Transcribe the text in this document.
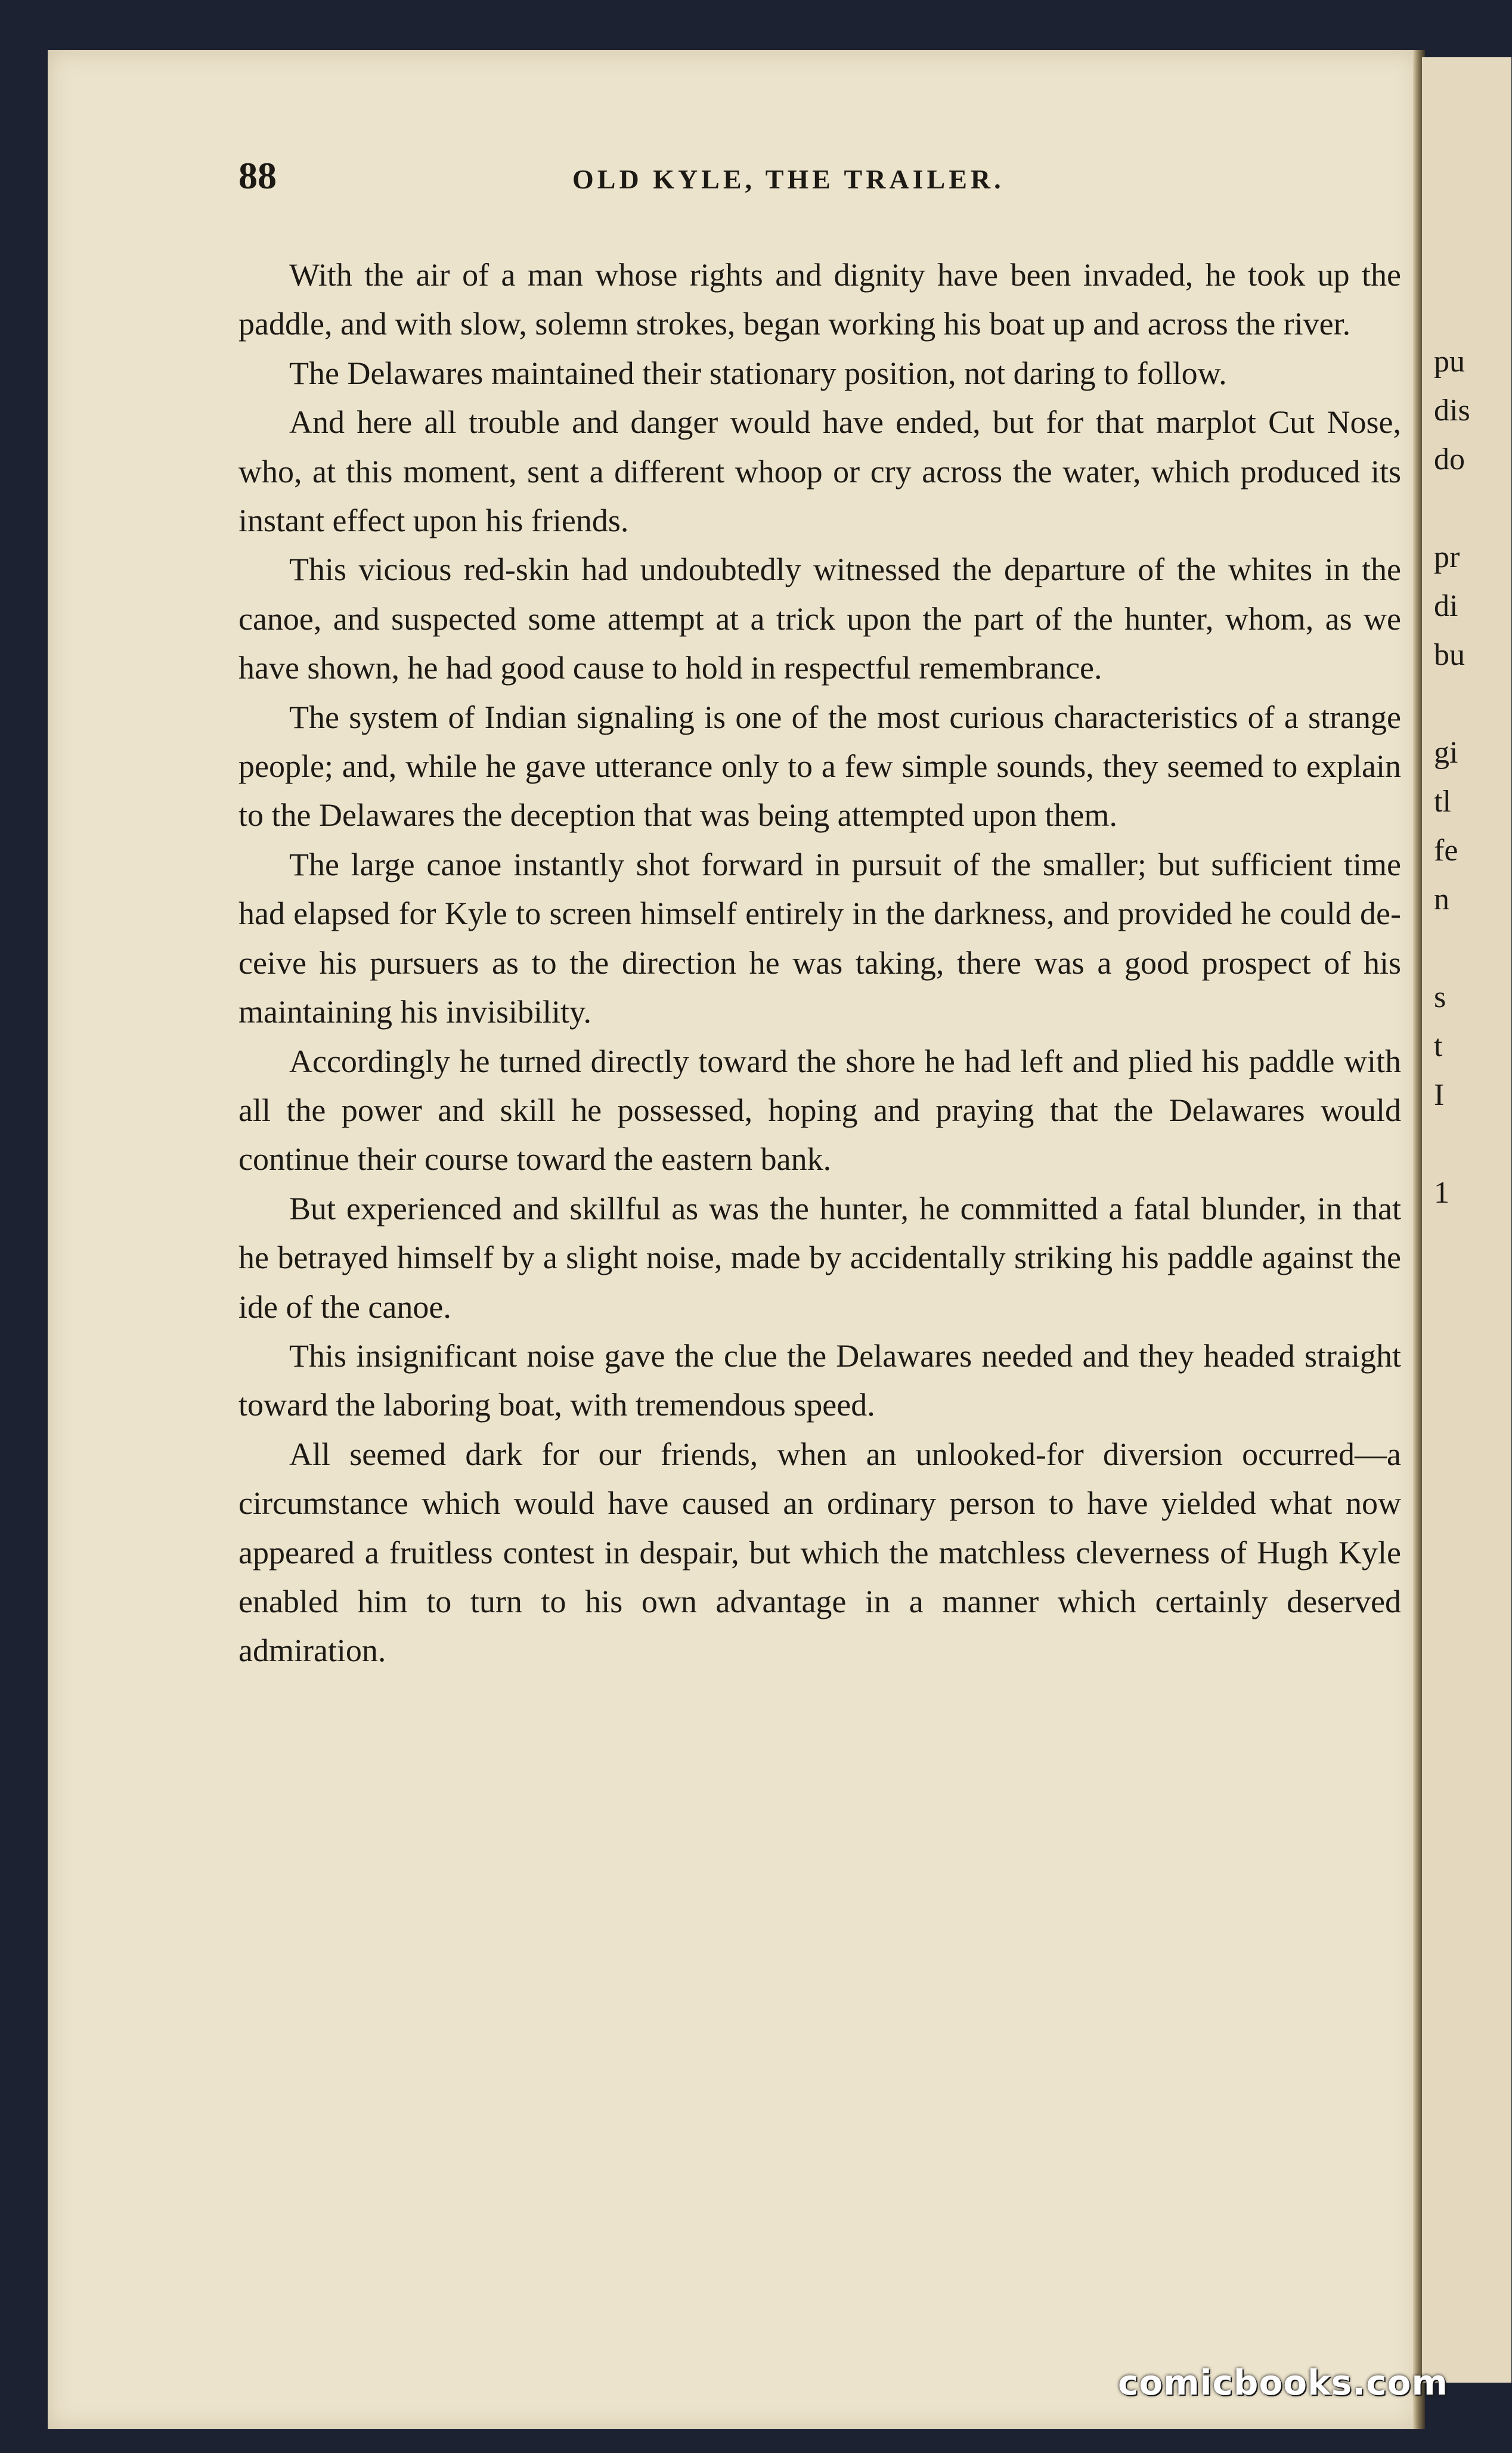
pu
dis
do
pr
di
bu
gi
tl
fe
n
s
t
I
1
88	OLD KYLE, THE TRAILER.

With the air of a man whose rights and dignity have been invaded, he took up the paddle, and with slow, solemn strokes, began working his boat up and across the river.

The Delawares maintained their stationary position, not daring to follow.

And here all trouble and danger would have ended, but for that marplot Cut Nose, who, at this moment, sent a different whoop or cry across the water, which produced its instant effect upon his friends.

This vicious red-skin had undoubtedly witnessed the departure of the whites in the canoe, and suspected some attempt at a trick upon the part of the hunter, whom, as we have shown, he had good cause to hold in respectful remembrance.

The system of Indian signaling is one of the most curious characteristics of a strange people; and, while he gave utterance only to a few simple sounds, they seemed to explain to the Delawares the deception that was being attempted upon them.

The large canoe instantly shot forward in pursuit of the smaller; but sufficient time had elapsed for Kyle to screen himself entirely in the darkness, and provided he could deceive his pursuers as to the direction he was taking, there was a good prospect of his maintaining his invisibility.

Accordingly he turned directly toward the shore he had left and plied his paddle with all the power and skill he possessed, hoping and praying that the Delawares would continue their course toward the eastern bank.

But experienced and skillful as was the hunter, he committed a fatal blunder, in that he betrayed himself by a slight noise, made by accidentally striking his paddle against the ide of the canoe.

This insignificant noise gave the clue the Delawares needed and they headed straight toward the laboring boat, with tremendous speed.

All seemed dark for our friends, when an unlooked-for diversion occurred—a circumstance which would have caused an ordinary person to have yielded what now appeared a fruitless contest in despair, but which the matchless cleverness of Hugh Kyle enabled him to turn to his own advantage in a manner which certainly deserved admiration.

comicbooks.com
